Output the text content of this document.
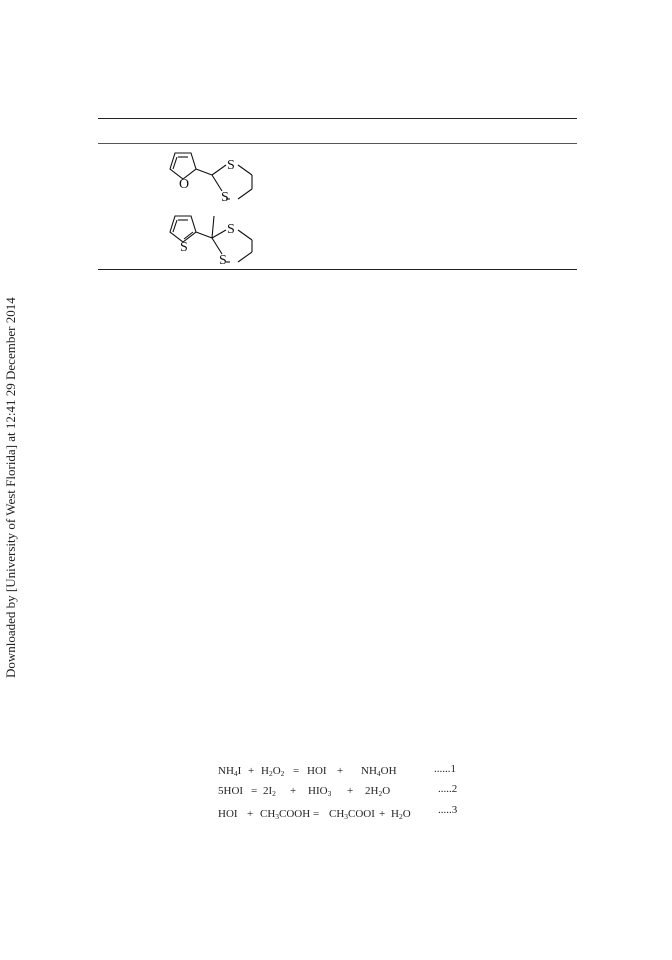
Downloaded by [University of West Florida] at 12:41 29 December 2014
O
S
S
S
S
S
$NH_4I + H_2O_2$ = HOI + $NH_4OH$	......1
$5HOI = 2I_2 + HIO_3 + 2H_2O$	.....2
HOI + $CH_3COOH$ = $CH_3COOI + H_2O$ .....3
